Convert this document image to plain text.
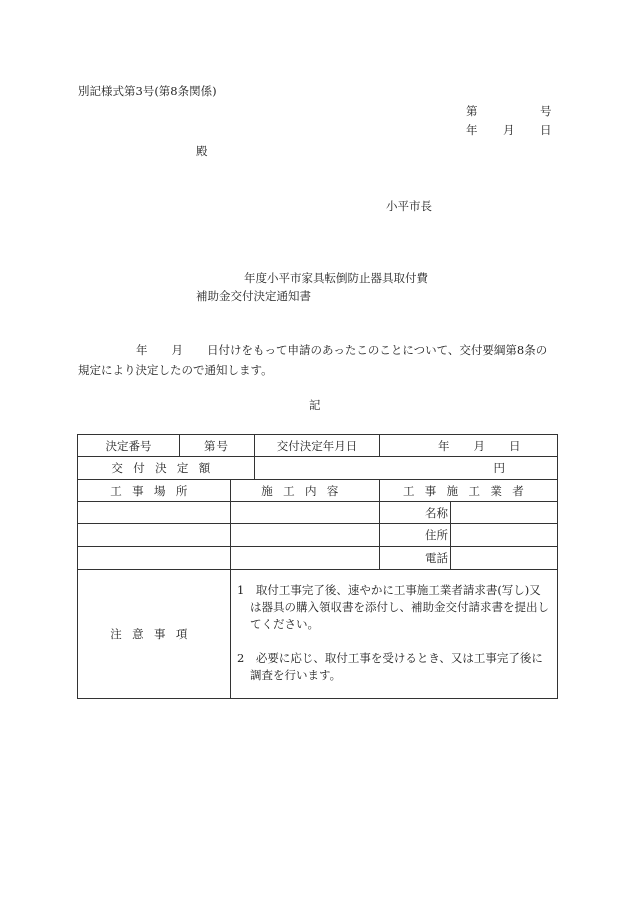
別記様式第3号(第8条関係)
第	号
年 月 日
殿
小平市長
年度小平市家具転倒防止器具取付費
補助金交付決定通知書
年 月 日付けをもって申請のあったこのことについて、交付要綱第8条の規定により決定したので通知します。
記
決定番号	第 号		交付決定年月日	年 月 日	
交付決定額			円		
工事場所		施工内容		工事施工業者	
				名称	
				住所	
				電話	
注意事項		1　取付工事完了後、速やかに工事施工業者請求書(写し)又は器具の購入領収書を添付し、補助金交付請求書を提出してください。
2　必要に応じ、取付工事を受けるとき、又は工事完了後に調査を行います。			
